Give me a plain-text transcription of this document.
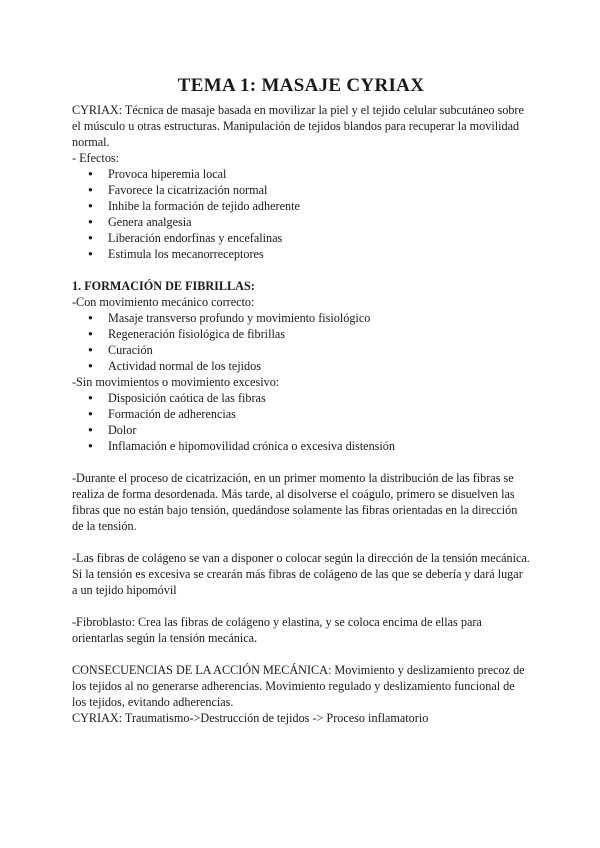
TEMA 1: MASAJE CYRIAX

CYRIAX: Técnica de masaje basada en movilizar la piel y el tejido celular subcutáneo sobre el músculo u otras estructuras. Manipulación de tejidos blandos para recuperar la movilidad normal.

- Efectos:

● Provoca hiperemia local
● Favorece la cicatrización normal
● Inhibe la formación de tejido adherente
● Genera analgesia
● Liberación endorfinas y encefalinas
● Estimula los mecanorreceptores

1. FORMACIÓN DE FIBRILLAS:

-Con movimiento mecánico correcto:

● Masaje transverso profundo y movimiento fisiológico
● Regeneración fisiológica de fibrillas
● Curación
● Actividad normal de los tejidos

-Sin movimientos o movimiento excesivo:

● Disposición caótica de las fibras
● Formación de adherencias
● Dolor
● Inflamación e hipomovilidad crónica o excesiva distensión

-Durante el proceso de cicatrización, en un primer momento la distribución de las fibras se realiza de forma desordenada. Más tarde, al disolverse el coágulo, primero se disuelven las fibras que no están bajo tensión, quedándose solamente las fibras orientadas en la dirección de la tensión.

-Las fibras de colágeno se van a disponer o colocar según la dirección de la tensión mecánica. Si la tensión es excesiva se crearán más fibras de colágeno de las que se debería y dará lugar a un tejido hipomóvil

-Fibroblasto: Crea las fibras de colágeno y elastina, y se coloca encima de ellas para orientarlas según la tensión mecánica.

CONSECUENCIAS DE LA ACCIÓN MECÁNICA: Movimiento y deslizamiento precoz de los tejidos al no generarse adherencias. Movimiento regulado y deslizamiento funcional de los tejidos, evitando adherencias.

CYRIAX: Traumatismo->Destrucción de tejidos -> Proceso inflamatorio
